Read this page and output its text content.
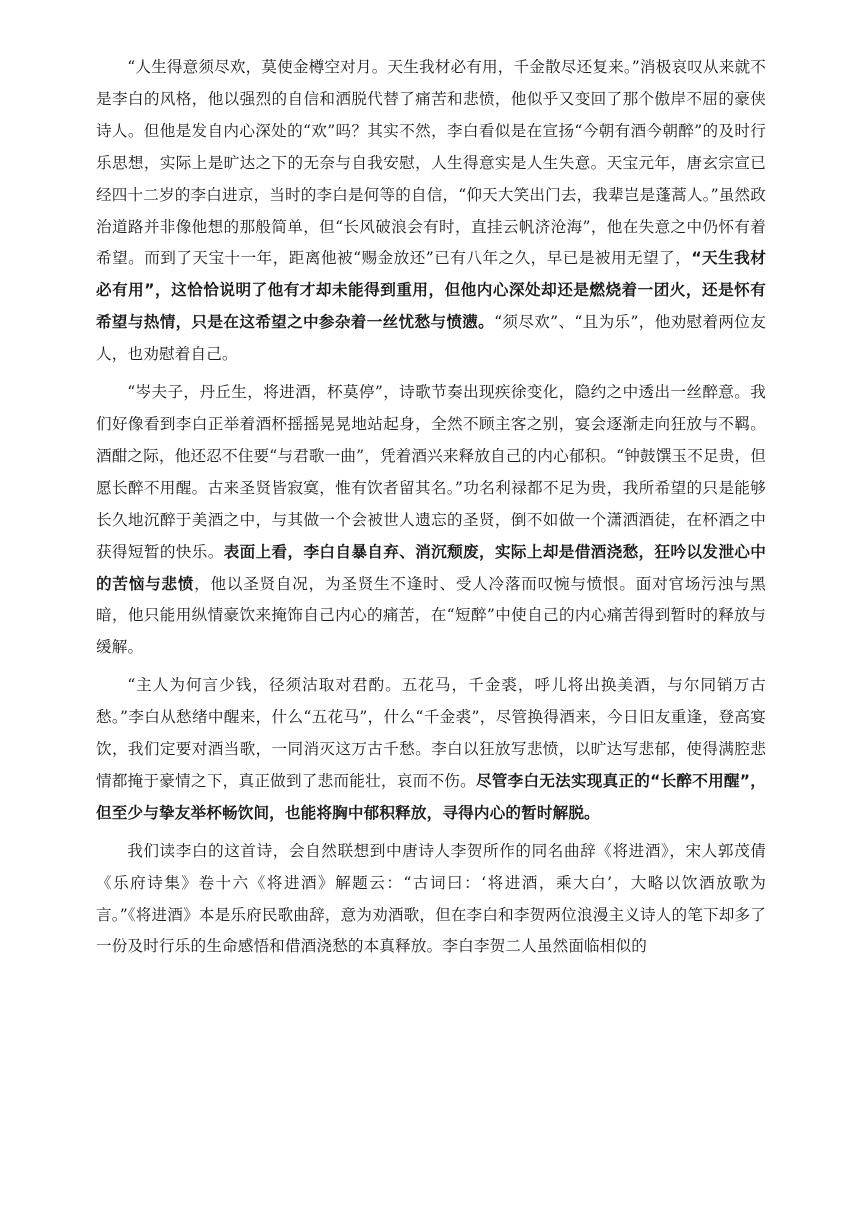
“人生得意须尽欢，莫使金樽空对月。天生我材必有用，千金散尽还复来。”消极哀叹从来就不是李白的风格，他以强烈的自信和洒脱代替了痛苦和悲愤，他似乎又变回了那个傲岸不屈的豪侠诗人。但他是发自内心深处的“欢”吗？其实不然，李白看似是在宣扬“今朝有酒今朝醉”的及时行乐思想，实际上是旷达之下的无奈与自我安慰，人生得意实是人生失意。天宝元年，唐玄宗宣已经四十二岁的李白进京，当时的李白是何等的自信，“仰天大笑出门去，我辈岂是蓬蒿人。”虽然政治道路并非像他想的那般简单，但“长风破浪会有时，直挂云帆济沧海”，他在失意之中仍怀有着希望。而到了天宝十一年，距离他被“赐金放还”已有八年之久，早已是被用无望了，“天生我材必有用”，这恰恰说明了他有才却未能得到重用，但他内心深处却还是燃烧着一团火，还是怀有希望与热情，只是在这希望之中参杂着一丝忧愁与愤懑。“须尽欢”、“且为乐”，他劝慰着两位友人，也劝慰着自己。

“岑夫子，丹丘生，将进酒，杯莫停”，诗歌节奏出现疾徐变化，隐约之中透出一丝醉意。我们好像看到李白正举着酒杯摇摇晃晃地站起身，全然不顾主客之别，宴会逐渐走向狂放与不羁。酒酣之际，他还忍不住要“与君歌一曲”，凭着酒兴来释放自己的内心郁积。“钟鼓馔玉不足贵，但愿长醉不用醒。古来圣贤皆寂寞，惟有饮者留其名。”功名利禄都不足为贵，我所希望的只是能够长久地沉醉于美酒之中，与其做一个会被世人遗忘的圣贤，倒不如做一个潇洒酒徒，在杯酒之中获得短暂的快乐。表面上看，李白自暴自弃、消沉颓废，实际上却是借酒浇愁，狂吟以发泄心中的苦恼与悲愤，他以圣贤自况，为圣贤生不逢时、受人冷落而叹惋与愤恨。面对官场污浊与黑暗，他只能用纵情豪饮来掩饰自己内心的痛苦，在“短醉”中使自己的内心痛苦得到暂时的释放与缓解。

“主人为何言少钱，径须沽取对君酌。五花马，千金裘，呼儿将出换美酒，与尔同销万古愁。”李白从愁绪中醒来，什么“五花马”，什么“千金裘”，尽管换得酒来，今日旧友重逢，登高宴饮，我们定要对酒当歌，一同消灭这万古千愁。李白以狂放写悲愤，以旷达写悲郁，使得满腔悲情都掩于豪情之下，真正做到了悲而能壮，哀而不伤。尽管李白无法实现真正的“长醉不用醒”，但至少与挚友举杯畅饮间，也能将胸中郁积释放，寻得内心的暂时解脱。

我们读李白的这首诗，会自然联想到中唐诗人李贺所作的同名曲辞《将进酒》，宋人郭茂倩《乐府诗集》卷十六《将进酒》解题云：“古词曰：‘将进酒，乘大白’，大略以饮酒放歌为言。”《将进酒》本是乐府民歌曲辞，意为劝酒歌，但在李白和李贺两位浪漫主义诗人的笔下却多了一份及时行乐的生命感悟和借酒浇愁的本真释放。李白李贺二人虽然面临相似的
